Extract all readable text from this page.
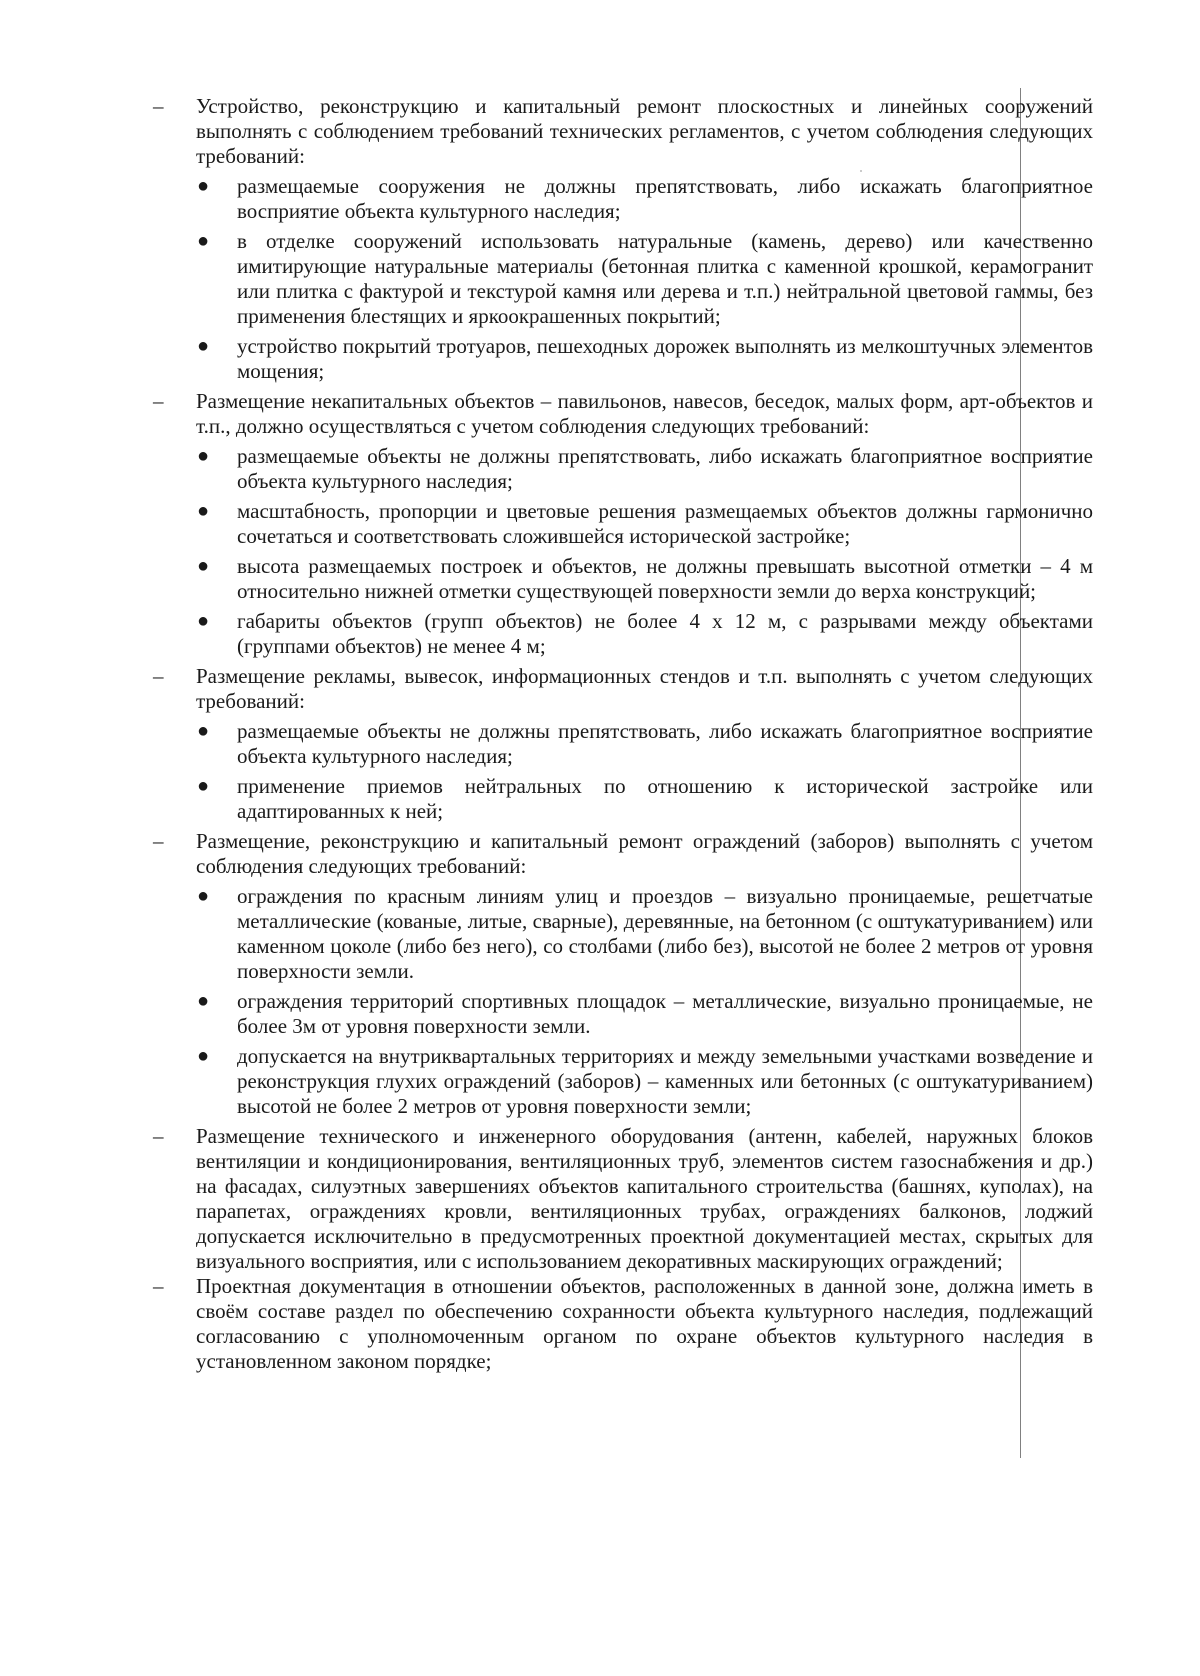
– Устройство, реконструкцию и капитальный ремонт плоскостных и линейных сооружений выполнять с соблюдением требований технических регламентов, с учетом соблюдения следующих требований:
● размещаемые сооружения не должны препятствовать, либо искажать благоприятное восприятие объекта культурного наследия;
● в отделке сооружений использовать натуральные (камень, дерево) или качественно имитирующие натуральные материалы (бетонная плитка с каменной крошкой, керамогранит или плитка с фактурой и текстурой камня или дерева и т.п.) нейтральной цветовой гаммы, без применения блестящих и яркоокрашенных покрытий;
● устройство покрытий тротуаров, пешеходных дорожек выполнять из мелкоштучных элементов мощения;
– Размещение некапитальных объектов – павильонов, навесов, беседок, малых форм, арт-объектов и т.п., должно осуществляться с учетом соблюдения следующих требований:
● размещаемые объекты не должны препятствовать, либо искажать благоприятное восприятие объекта культурного наследия;
● масштабность, пропорции и цветовые решения размещаемых объектов должны гармонично сочетаться и соответствовать сложившейся исторической застройке;
● высота размещаемых построек и объектов, не должны превышать высотной отметки – 4 м относительно нижней отметки существующей поверхности земли до верха конструкций;
● габариты объектов (групп объектов) не более 4 х 12 м, с разрывами между объектами (группами объектов) не менее 4 м;
– Размещение рекламы, вывесок, информационных стендов и т.п. выполнять с учетом следующих требований:
● размещаемые объекты не должны препятствовать, либо искажать благоприятное восприятие объекта культурного наследия;
● применение приемов нейтральных по отношению к исторической застройке или адаптированных к ней;
– Размещение, реконструкцию и капитальный ремонт ограждений (заборов) выполнять с учетом соблюдения следующих требований:
● ограждения по красным линиям улиц и проездов – визуально проницаемые, решетчатые металлические (кованые, литые, сварные), деревянные, на бетонном (с оштукатуриванием) или каменном цоколе (либо без него), со столбами (либо без), высотой не более 2 метров от уровня поверхности земли.
● ограждения территорий спортивных площадок – металлические, визуально проницаемые, не более 3м от уровня поверхности земли.
● допускается на внутриквартальных территориях и между земельными участками возведение и реконструкция глухих ограждений (заборов) – каменных или бетонных (с оштукатуриванием) высотой не более 2 метров от уровня поверхности земли;
– Размещение технического и инженерного оборудования (антенн, кабелей, наружных блоков вентиляции и кондиционирования, вентиляционных труб, элементов систем газоснабжения и др.) на фасадах, силуэтных завершениях объектов капитального строительства (башнях, куполах), на парапетах, ограждениях кровли, вентиляционных трубах, ограждениях балконов, лоджий допускается исключительно в предусмотренных проектной документацией местах, скрытых для визуального восприятия, или с использованием декоративных маскирующих ограждений;
– Проектная документация в отношении объектов, расположенных в данной зоне, должна иметь в своём составе раздел по обеспечению сохранности объекта культурного наследия, подлежащий согласованию с уполномоченным органом по охране объектов культурного наследия в установленном законом порядке;
